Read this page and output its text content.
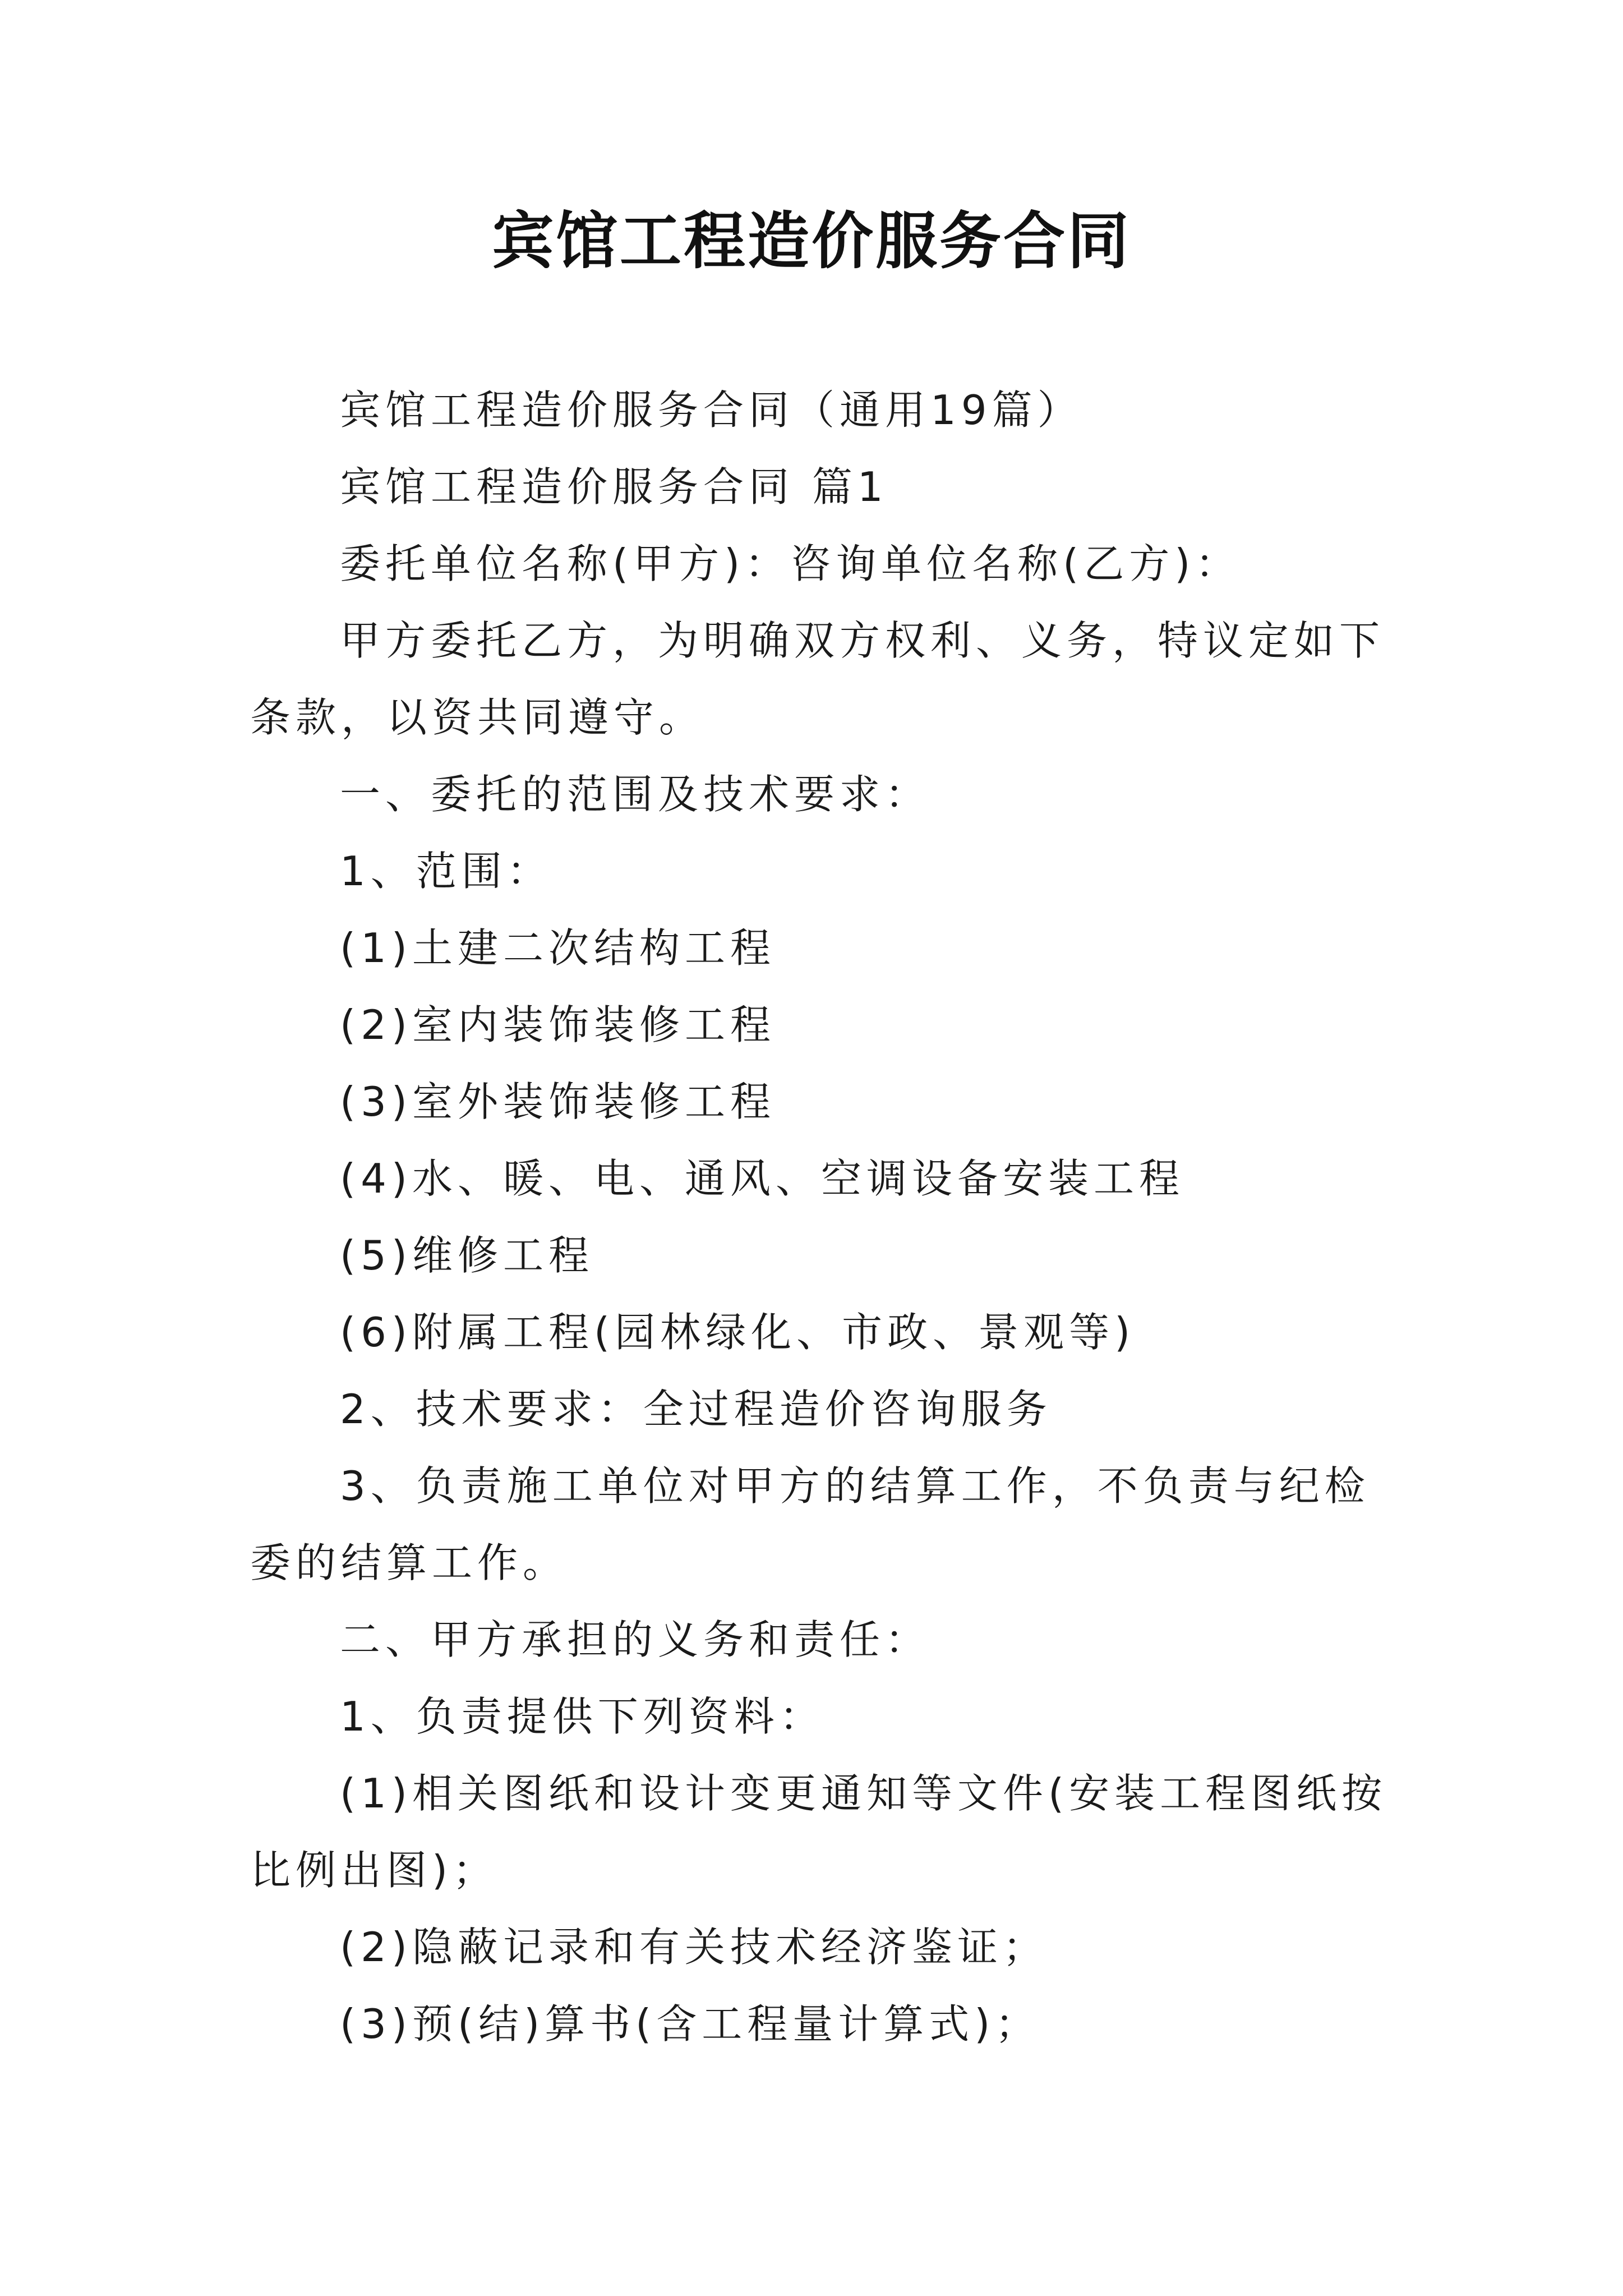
宾馆工程造价服务合同

宾馆工程造价服务合同（通用19篇）

宾馆工程造价服务合同 篇1

委托单位名称(甲方)：咨询单位名称(乙方)：

甲方委托乙方，为明确双方权利、义务，特议定如下条款，以资共同遵守。

一、委托的范围及技术要求：

1、范围：

(1)土建二次结构工程

(2)室内装饰装修工程

(3)室外装饰装修工程

(4)水、暖、电、通风、空调设备安装工程

(5)维修工程

(6)附属工程(园林绿化、市政、景观等)

2、技术要求：全过程造价咨询服务

3、负责施工单位对甲方的结算工作，不负责与纪检委的结算工作。

二、甲方承担的义务和责任：

1、负责提供下列资料：

(1)相关图纸和设计变更通知等文件(安装工程图纸按比例出图)；

(2)隐蔽记录和有关技术经济鉴证；

(3)预(结)算书(含工程量计算式)；
